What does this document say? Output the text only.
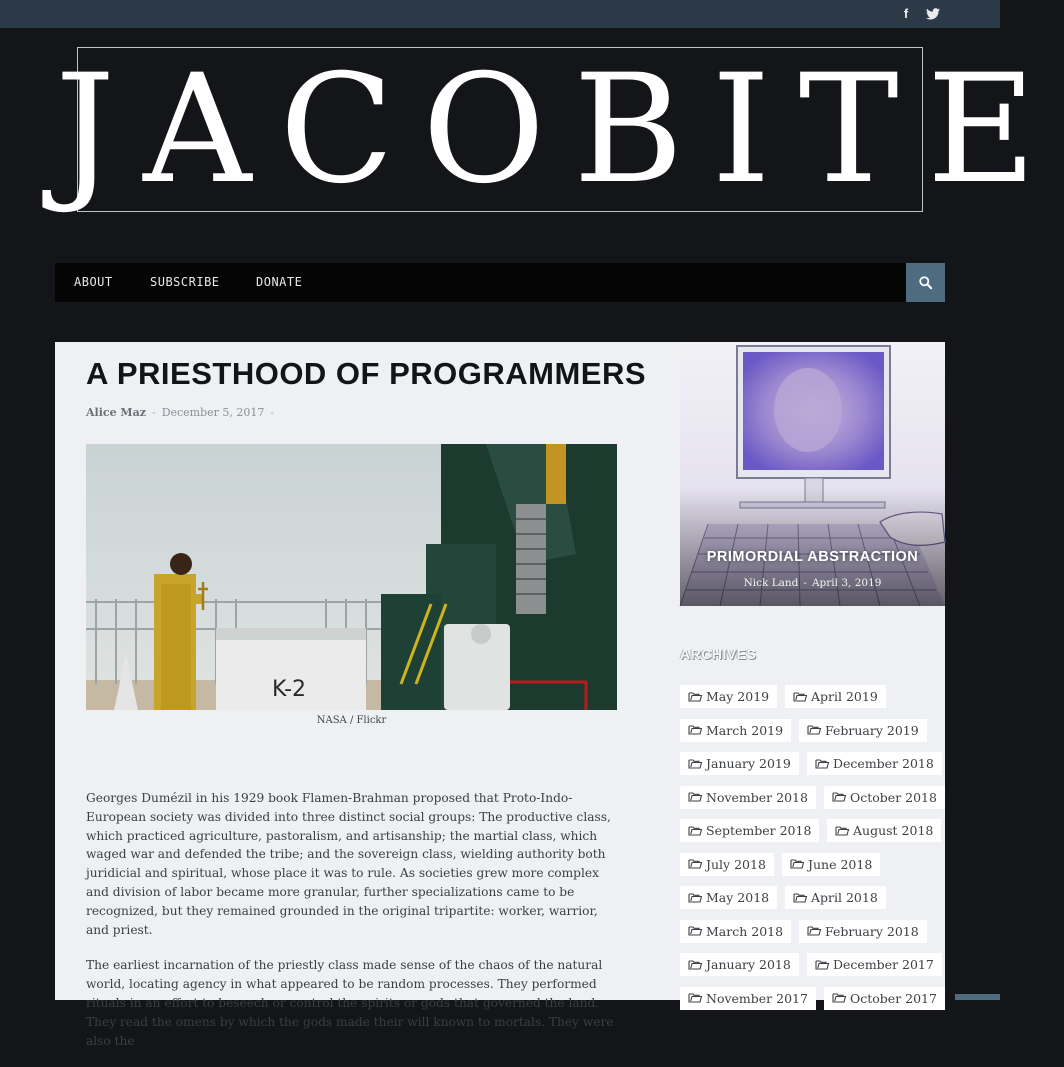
f
JACOBITE
ABOUT	SUBSCRIBE	DONATE
A PRIESTHOOD OF PROGRAMMERS
Alice Maz - December 5, 2017 -
K-2
NASA / Flickr

Georges Dumézil in his 1929 book Flamen-Brahman proposed that Proto-Indo-European society was divided into three distinct social groups: The productive class, which practiced agriculture, pastoralism, and artisanship; the martial class, which waged war and defended the tribe; and the sovereign class, wielding authority both juridicial and spiritual, whose place it was to rule. As societies grew more complex and division of labor became more granular, further specializations came to be recognized, but they remained grounded in the original tripartite: worker, warrior, and priest.

The earliest incarnation of the priestly class made sense of the chaos of the natural world, locating agency in what appeared to be random processes. They performed rituals in an effort to beseech or control the spirits or gods that governed the land. They read the omens by which the gods made their will known to mortals. They were also the

PRIMORDIAL ABSTRACTION
Nick Land - April 3, 2019
ARCHIVES
May 2019	April 2019
March 2019	February 2019
January 2019	December 2018
November 2018	October 2018
September 2018	August 2018
July 2018	June 2018
May 2018	April 2018
March 2018	February 2018
January 2018	December 2017
November 2017	October 2017
